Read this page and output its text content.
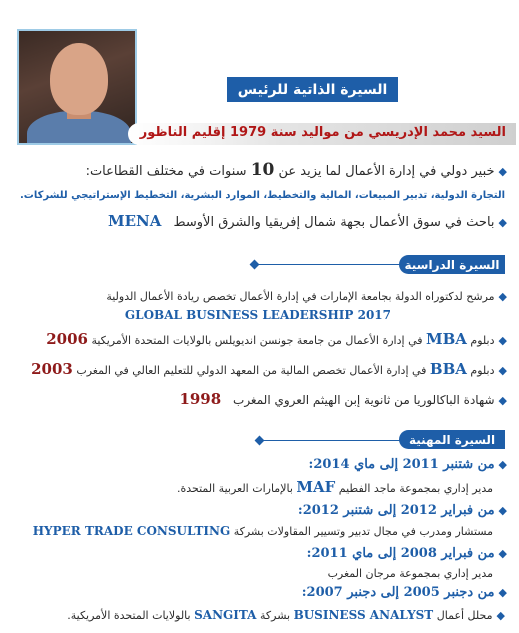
السيرة الذاتية للرئيس
السيد محمد الإدريسي من مواليد سنة 1979 إقليم الناظور
◆خبير دولي في إدارة الأعمال لما يزيد عن 10 سنوات في مختلف القطاعات:
التجارة الدولية، تدبير المبيعات، المالية والتخطيط، الموارد البشرية، التخطيط الإستراتيجي للشركات.
◆باحث في سوق الأعمال بجهة شمال إفريقيا والشرق الأوسط MENA
السيرة الدراسية
◆مرشح لدكتوراه الدولة بجامعة الإمارات في إدارة الأعمال تخصص ريادة الأعمال الدولية
GLOBAL BUSINESS LEADERSHIP 2017
◆دبلوم MBA في إدارة الأعمال من جامعة جونسن انديويلس بالولايات المتحدة الأمريكية 2006
◆دبلوم BBA في إدارة الأعمال تخصص المالية من المعهد الدولي للتعليم العالي في المغرب 2003
◆شهادة الباكالوريا من ثانوية إبن الهيثم العروي المغرب 1998
السيرة المهنية
◆من شتنبر 2011 إلى ماي 2014:
مدير إداري بمجموعة ماجد الفطيم MAF بالإمارات العربية المتحدة.
◆من فبراير 2012 إلى شتنبر 2012:
مستشار ومدرب في مجال تدبير وتسيير المقاولات بشركة HYPER TRADE CONSULTING
◆من فبراير 2008 إلى ماي 2011:
مدير إداري بمجموعة مرجان المغرب
◆من دجنبر 2005 إلى دجنبر 2007:
◆محلل أعمال BUSINESS ANALYST بشركة SANGITA بالولايات المتحدة الأمريكية.
